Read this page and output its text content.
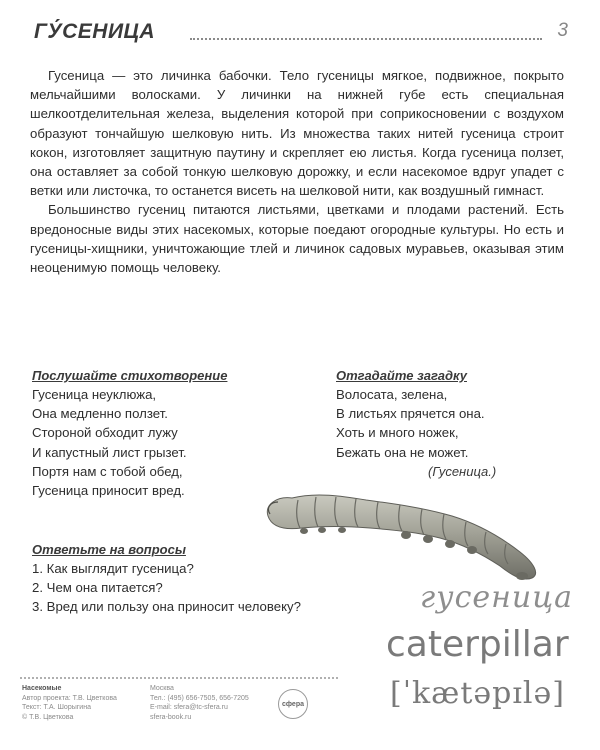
ГУ́СЕНИЦА	3

Гусеница — это личинка бабочки. Тело гусеницы мягкое, подвижное, покрыто мельчайшими волосками. У личинки на нижней губе есть специальная шелкоотделительная железа, выделения которой при соприкосновении с воздухом образуют тончайшую шелковую нить. Из множества таких нитей гусеница строит кокон, изготовляет защитную паутину и скрепляет ею листья. Когда гусеница ползет, она оставляет за собой тонкую шелковую дорожку, и если насекомое вдруг упадет с ветки или листочка, то останется висеть на шелковой нити, как воздушный гимнаст.

Большинство гусениц питаются листьями, цветками и плодами растений. Есть вредоносные виды этих насекомых, которые поедают огородные культуры. Но есть и гусеницы-хищники, уничтожающие тлей и личинок садовых муравьев, оказывая этим неоценимую помощь человеку.

Послушайте стихотворение
Гусеница неуклюжа,
Она медленно ползет.
Стороной обходит лужу
И капустный лист грызет.
Портя нам с тобой обед,
Гусеница приносит вред.
Отгадайте загадку
Волосата, зелена,
В листьях прячется она.
Хоть и много ножек,
Бежать она не может.
(Гусеница.)
Ответьте на вопросы
1. Как выглядит гусеница?
2. Чем она питается?
3. Вред или пользу она приносит человеку?	гусеница
caterpillar
[ˈkætəpɪlə]
Насекомые
Автор проекта: Т.В. Цветкова
Текст: Т.А. Шорыгина
© Т.В. Цветкова
Москва
Тел.: (495) 656-7505, 656-7205
E-mail: sfera@tc-sfera.ru
sfera-book.ru
сфера
